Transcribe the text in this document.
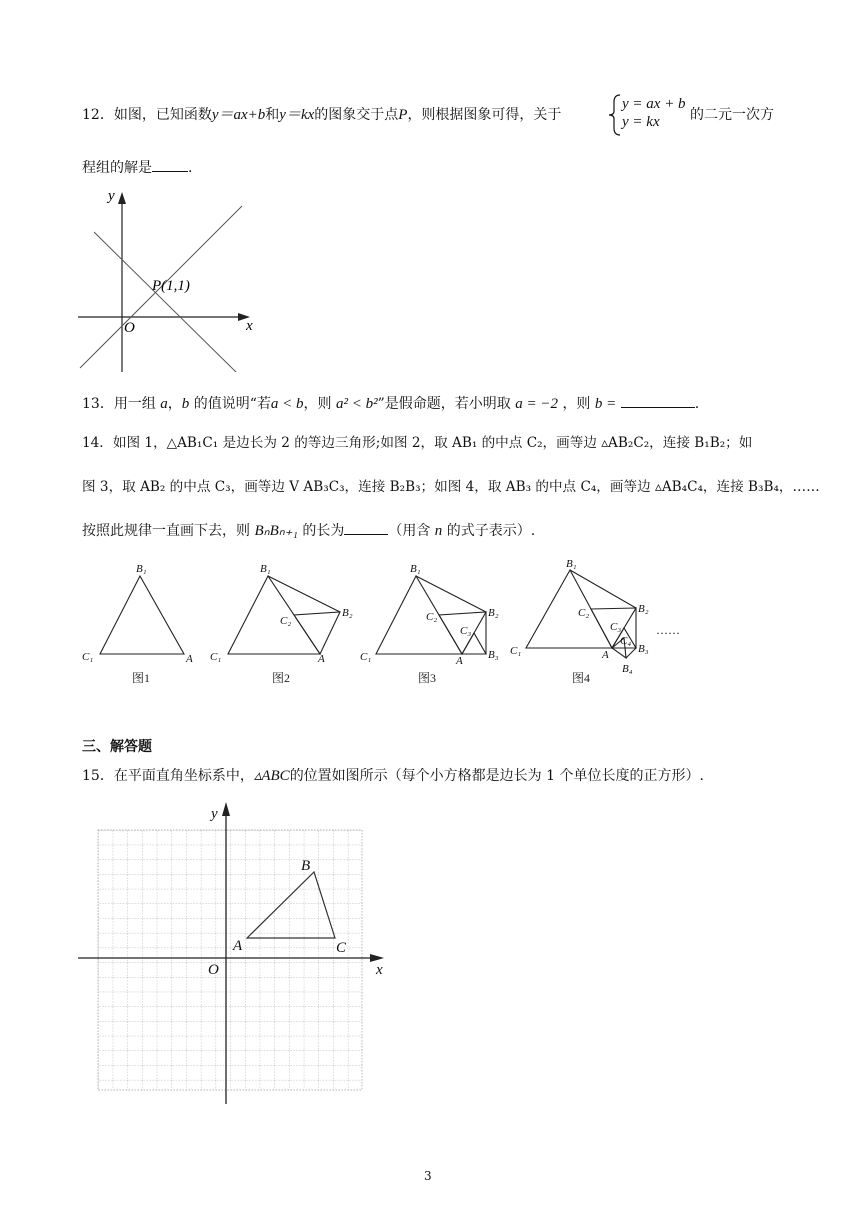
12．如图，已知函数y＝ax+b和y＝kx的图象交于点P，则根据图象可得，关于
y = ax + b
y = kx	的二元一次方
程组的解是	.
y
x
O
P(1,1)
13．用一组 a，b 的值说明“若a < b，则 a² < b²”是假命题，若小明取 a = −2 ，则 b =	.
14．如图 1，△AB₁C₁ 是边长为 2 的等边三角形;如图 2，取 AB₁ 的中点 C₂，画等边 ▵AB₂C₂，连接 B₁B₂；如
图 3，取 AB₂ 的中点 C₃，画等边 V AB₃C₃，连接 B₂B₃；如图 4，取 AB₃ 的中点 C₄，画等边 ▵AB₄C₄，连接 B₃B₄，……
按照此规律一直画下去，则 BₙBₙ₊₁ 的长为	（用含 n 的式子表示）.
B₁
C₁	A
B₁
B₂
C₂
C₁	A
B₁
B₂
C₂
C₃
B₃
C₁	A
B₁
B₂
C₂
C₃
C₄
B₃
A
B₄
C₁
……
图1	图2	图3	图4
三、解答题
15．在平面直角坐标系中，▵ABC的位置如图所示（每个小方格都是边长为 1 个单位长度的正方形）.
y
x
O
A
B
C
3
